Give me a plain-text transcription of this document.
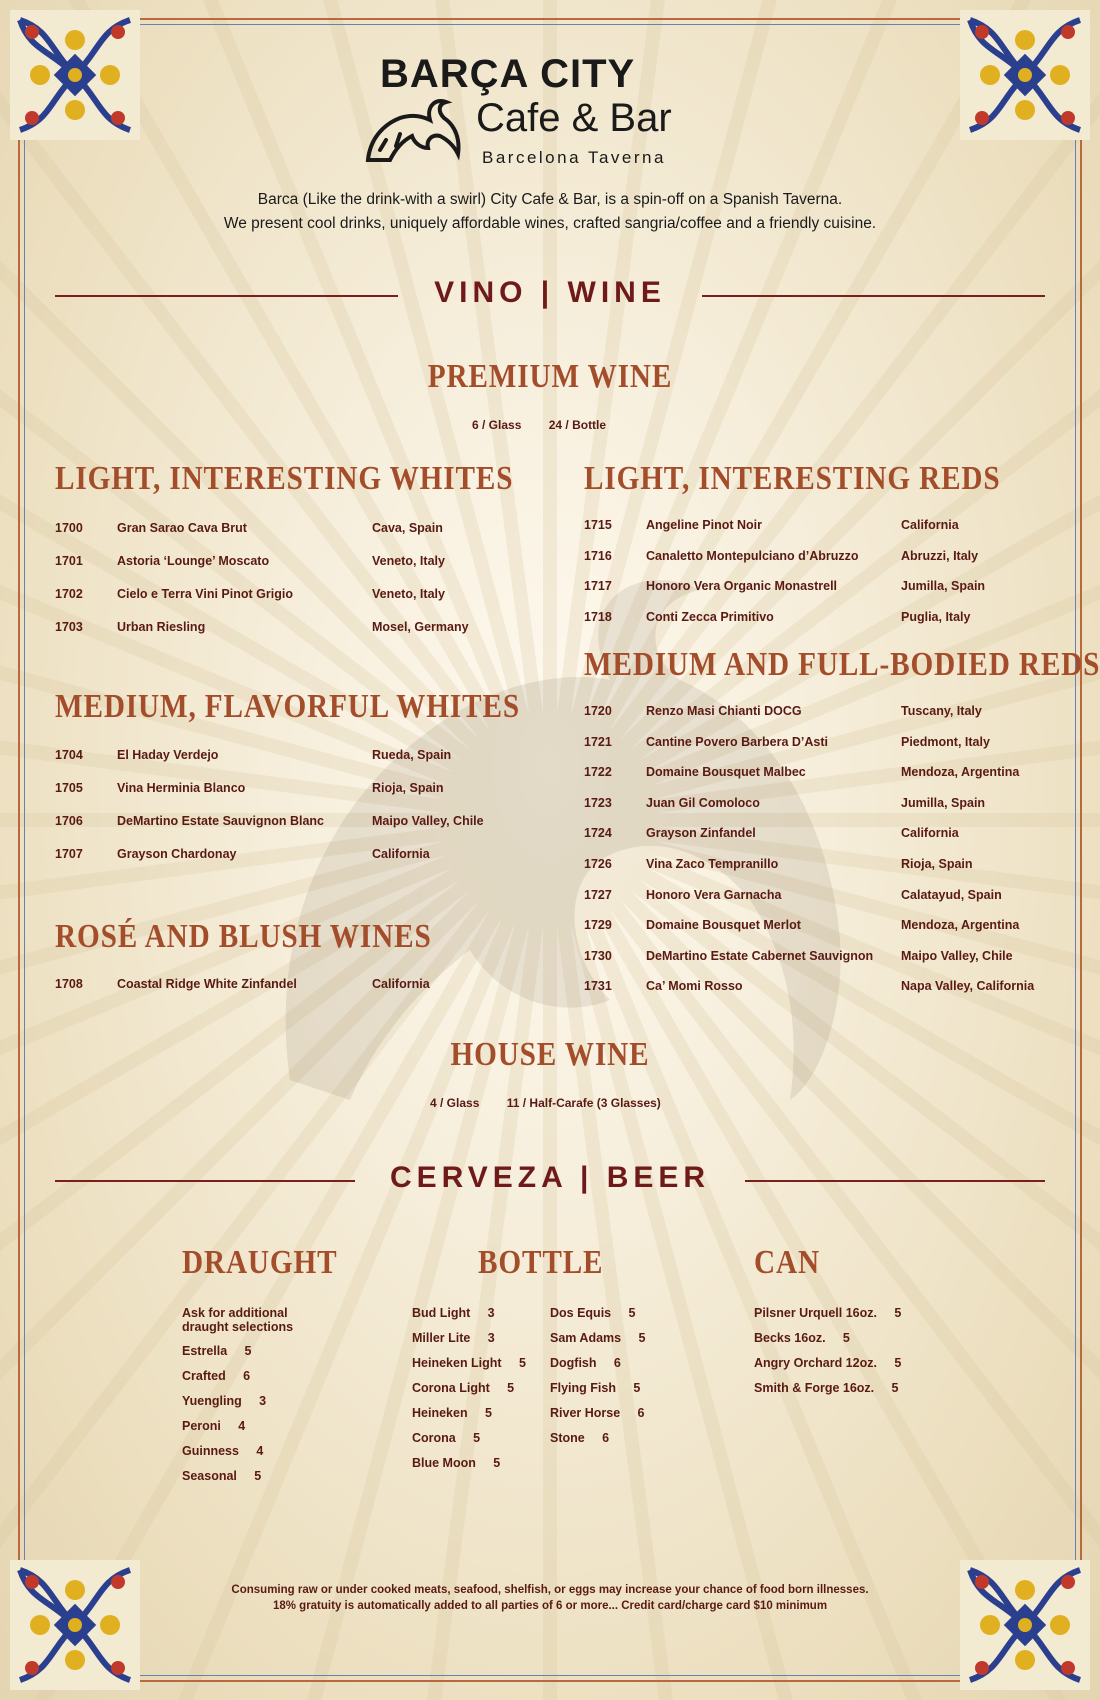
BARÇA CITY
Cafe & Bar
Barcelona Taverna
Barca (Like the drink-with a swirl) City Cafe & Bar, is a spin-off on a Spanish Taverna.
We present cool drinks, uniquely affordable wines, crafted sangria/coffee and a friendly cuisine.
VINO | WINE
PREMIUM WINE
6 / Glass 24 / Bottle
LIGHT, INTERESTING WHITES
1700	Gran Sarao Cava Brut	Cava, Spain
1701	Astoria ‘Lounge’ Moscato	Veneto, Italy
1702	Cielo e Terra Vini Pinot Grigio	Veneto, Italy
1703	Urban Riesling	Mosel, Germany
MEDIUM, FLAVORFUL WHITES
1704	El Haday Verdejo	Rueda, Spain
1705	Vina Herminia Blanco	Rioja, Spain
1706	DeMartino Estate Sauvignon Blanc	Maipo Valley, Chile
1707	Grayson Chardonay	California
ROSÉ AND BLUSH WINES
1708	Coastal Ridge White Zinfandel	California
LIGHT, INTERESTING REDS
1715	Angeline Pinot Noir	California
1716	Canaletto Montepulciano d’Abruzzo	Abruzzi, Italy
1717	Honoro Vera Organic Monastrell	Jumilla, Spain
1718	Conti Zecca Primitivo	Puglia, Italy
MEDIUM AND FULL-BODIED REDS
1720	Renzo Masi Chianti DOCG	Tuscany, Italy
1721	Cantine Povero Barbera D’Asti	Piedmont, Italy
1722	Domaine Bousquet Malbec	Mendoza, Argentina
1723	Juan Gil Comoloco	Jumilla, Spain
1724	Grayson Zinfandel	California
1726	Vina Zaco Tempranillo	Rioja, Spain
1727	Honoro Vera Garnacha	Calatayud, Spain
1729	Domaine Bousquet Merlot	Mendoza, Argentina
1730	DeMartino Estate Cabernet Sauvignon Maipo Valley, Chile
1731	Ca’ Momi Rosso	Napa Valley, California
HOUSE WINE
4 / Glass 11 / Half-Carafe (3 Glasses)
CERVEZA | BEER
DRAUGHT
Ask for additional draught selections
Estrella     5
Crafted     6
Yuengling     3
Peroni     4
Guinness     4
Seasonal     5
BOTTLE
Bud Light     3
Miller Lite     3
Heineken Light     5
Corona Light     5
Heineken     5
Corona     5
Blue Moon     5
Dos Equis     5
Sam Adams     5
Dogfish     6
Flying Fish     5
River Horse     6
Stone     6
CAN
Pilsner Urquell 16oz.     5
Becks 16oz.     5
Angry Orchard 12oz.     5
Smith & Forge 16oz.     5
Consuming raw or under cooked meats, seafood, shelfish, or eggs may increase your chance of food born illnesses.
18% gratuity is automatically added to all parties of 6 or more... Credit card/charge card $10 minimum
